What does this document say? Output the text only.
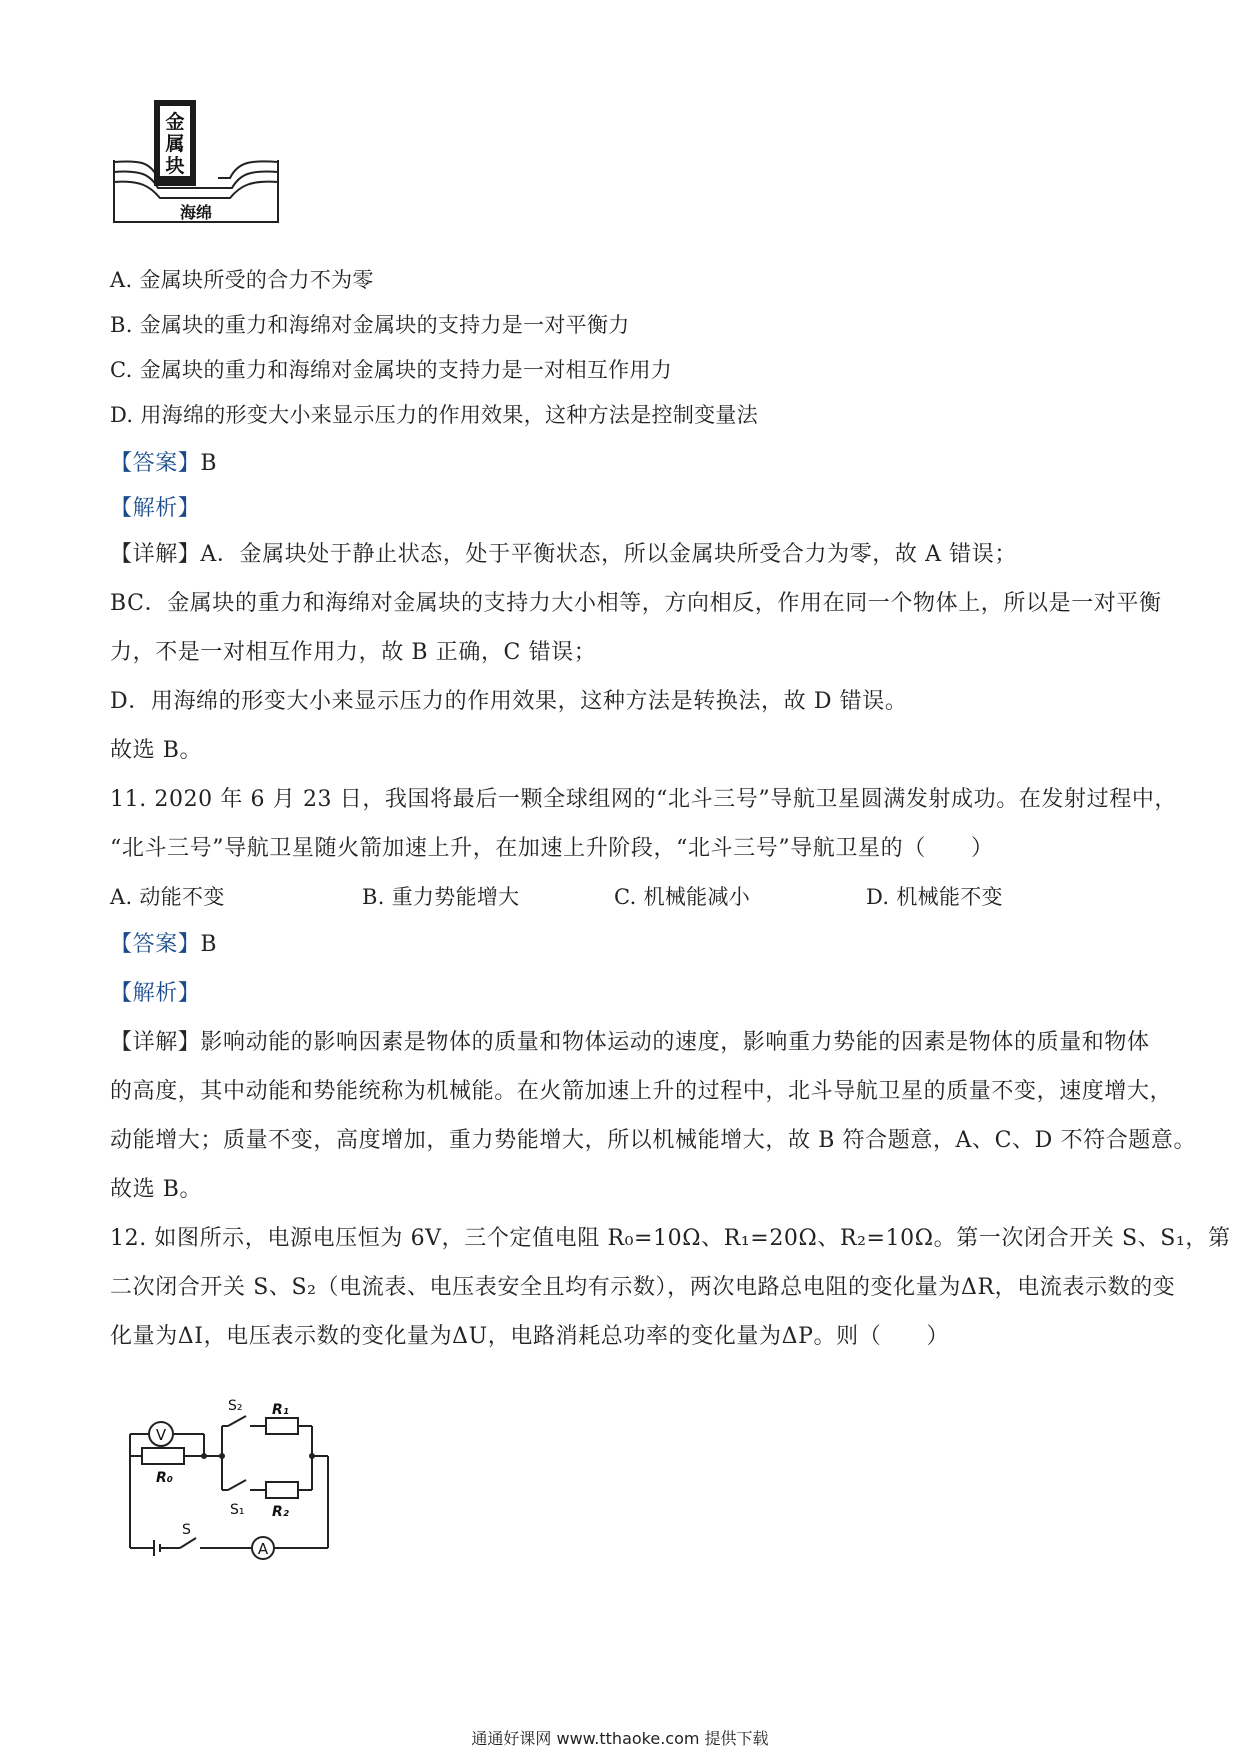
金
属
块
海绵
A. 金属块所受的合力不为零
B. 金属块的重力和海绵对金属块的支持力是一对平衡力
C. 金属块的重力和海绵对金属块的支持力是一对相互作用力
D. 用海绵的形变大小来显示压力的作用效果，这种方法是控制变量法
【答案】B
【解析】
【详解】A．金属块处于静止状态，处于平衡状态，所以金属块所受合力为零，故 A 错误；
BC．金属块的重力和海绵对金属块的支持力大小相等，方向相反，作用在同一个物体上，所以是一对平衡
力，不是一对相互作用力，故 B 正确，C 错误；
D．用海绵的形变大小来显示压力的作用效果，这种方法是转换法，故 D 错误。
故选 B。
11. 2020 年 6 月 23 日，我国将最后一颗全球组网的“北斗三号”导航卫星圆满发射成功。在发射过程中，
“北斗三号”导航卫星随火箭加速上升，在加速上升阶段，“北斗三号”导航卫星的（　　）
A. 动能不变	B. 重力势能增大	C. 机械能减小	D. 机械能不变
【答案】B
【解析】
【详解】影响动能的影响因素是物体的质量和物体运动的速度，影响重力势能的因素是物体的质量和物体
的高度，其中动能和势能统称为机械能。在火箭加速上升的过程中，北斗导航卫星的质量不变，速度增大，
动能增大；质量不变，高度增加，重力势能增大，所以机械能增大，故 B 符合题意，A、C、D 不符合题意。
故选 B。
12. 如图所示，电源电压恒为 6V，三个定值电阻 R₀=10Ω、R₁=20Ω、R₂=10Ω。第一次闭合开关 S、S₁，第
二次闭合开关 S、S₂（电流表、电压表安全且均有示数），两次电路总电阻的变化量为ΔR，电流表示数的变
化量为ΔI，电压表示数的变化量为ΔU，电路消耗总功率的变化量为ΔP。则（　　）
V
A
R₀
R₁
R₂
S₂
S₁
S
通通好课网 www.tthaoke.com 提供下载
